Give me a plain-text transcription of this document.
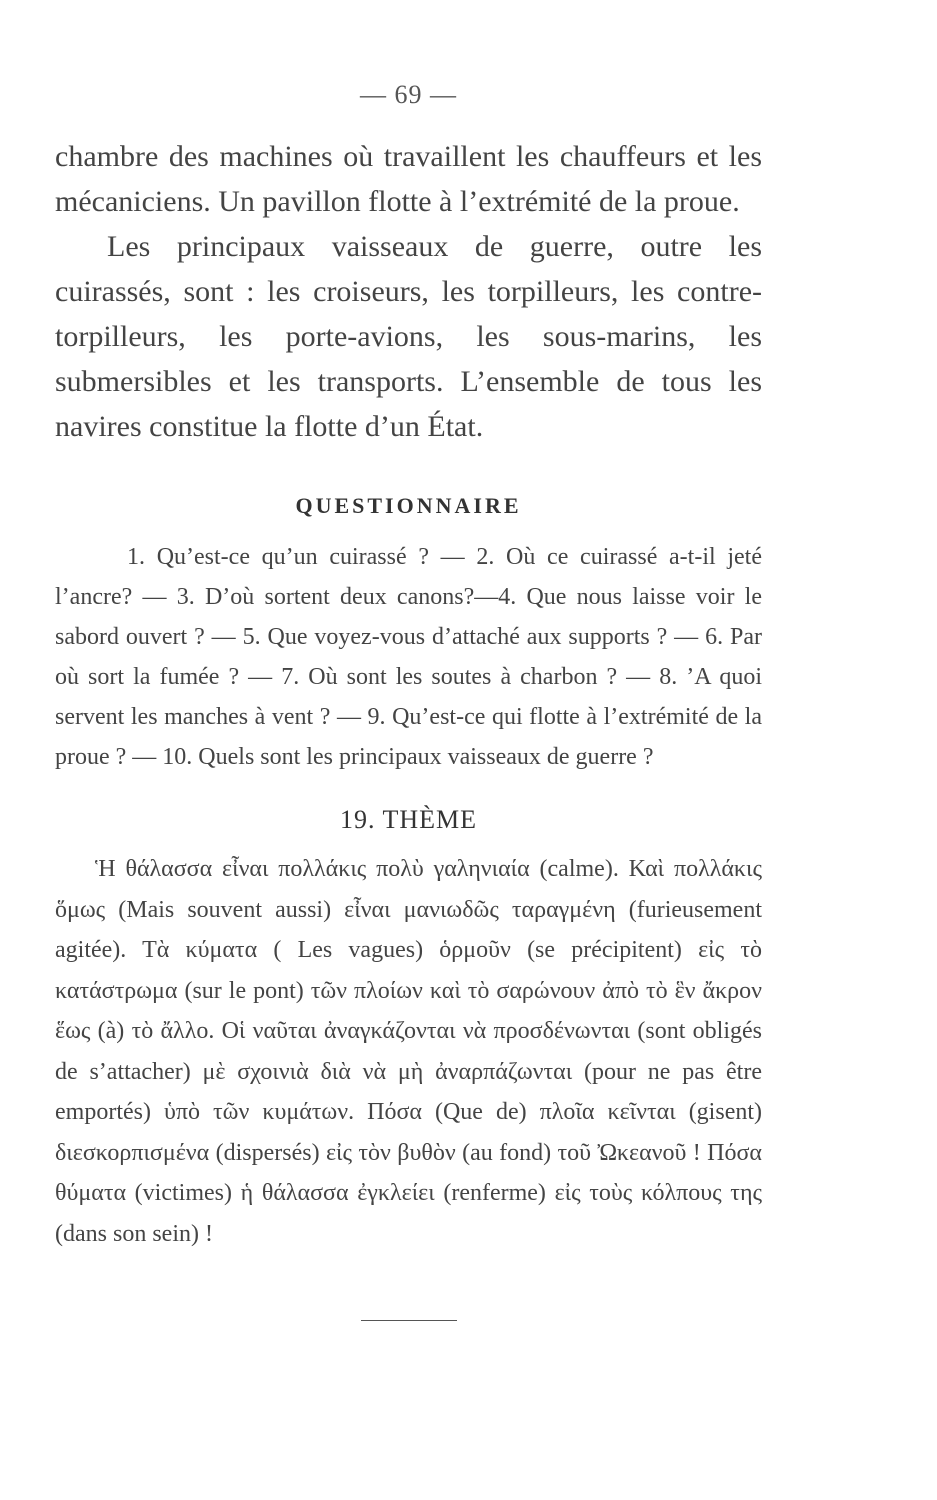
— 69 —

chambre des machines où travaillent les chauffeurs et les mécaniciens. Un pavillon flotte à l’extrémité de la proue.

Les principaux vaisseaux de guerre, outre les cuirassés, sont : les croiseurs, les torpilleurs, les contre-torpilleurs, les porte-avions, les sous-marins, les submersibles et les transports. L’ensemble de tous les navires constitue la flotte d’un État.

QUESTIONNAIRE

1. Qu’est-ce qu’un cuirassé ? — 2. Où ce cuirassé a-t-il jeté l’ancre? — 3. D’où sortent deux canons?—4. Que nous laisse voir le sabord ouvert ? — 5. Que voyez-vous d’attaché aux supports ? — 6. Par où sort la fumée ? — 7. Où sont les soutes à charbon ? — 8. ’A quoi servent les manches à vent ? — 9. Qu’est-ce qui flotte à l’extrémité de la proue ? — 10. Quels sont les principaux vaisseaux de guerre ?

19. THÈME

Ἡ θάλασσα εἶναι πολλάκις πολὺ γαληνιαία (calme). Καὶ πολλάκις ὅμως (Mais souvent aussi) εἶναι μανιωδῶς ταραγμένη (furieusement agitée). Τὰ κύματα ( Les vagues) ὁρμοῦν (se précipitent) εἰς τὸ κατάστρωμα (sur le pont) τῶν πλοίων καὶ τὸ σαρώνουν ἀπὸ τὸ ἓν ἄκρον ἕως (à) τὸ ἄλλο. Οἱ ναῦται ἀναγκάζονται νὰ προσδένωνται (sont obligés de s’attacher) μὲ σχοινιὰ διὰ νὰ μὴ ἀναρπάζωνται (pour ne pas être emportés) ὑπὸ τῶν κυμάτων. Πόσα (Que de) πλοῖα κεῖνται (gisent) διεσκορπισμένα (dispersés) εἰς τὸν βυθὸν (au fond) τοῦ Ὠκεανοῦ ! Πόσα θύματα (victimes) ἡ θάλασσα ἐγκλείει (renferme) εἰς τοὺς κόλπους της (dans son sein) !
